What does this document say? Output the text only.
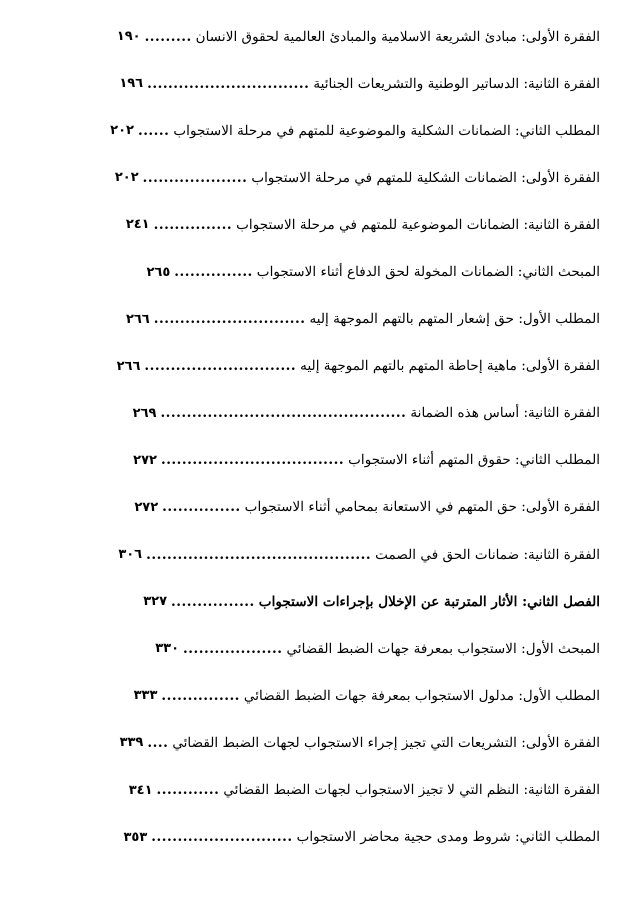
الفقرة الأولى: مبادئ الشريعة الاسلامية والمبادئ العالمية لحقوق الانسان
.........
١٩٠
الفقرة الثانية: الدساتير الوطنية والتشريعات الجنائية
...............................
١٩٦
المطلب الثاني: الضمانات الشكلية والموضوعية للمتهم في مرحلة الاستجواب
......
٢٠٢
الفقرة الأولى: الضمانات الشكلية للمتهم في مرحلة الاستجواب
....................
٢٠٢
الفقرة الثانية: الضمانات الموضوعية للمتهم في مرحلة الاستجواب
...............
٢٤١
المبحث الثاني: الضمانات المخولة لحق الدفاع أثناء الاستجواب
...............
٢٦٥
المطلب الأول: حق إشعار المتهم بالتهم الموجهة إليه
.............................
٢٦٦
الفقرة الأولى: ماهية إحاطة المتهم بالتهم الموجهة إليه
.............................
٢٦٦
الفقرة الثانية: أساس هذه الضمانة
...............................................
٢٦٩
المطلب الثاني: حقوق المتهم أثناء الاستجواب
...................................
٢٧٢
الفقرة الأولى: حق المتهم في الاستعانة بمحامي أثناء الاستجواب
...............
٢٧٢
الفقرة الثانية: ضمانات الحق في الصمت
...........................................
٣٠٦
الفصل الثاني: الأثار المترتبة عن الإخلال بإجراءات الاستجواب
................
٣٢٧
المبحث الأول: الاستجواب بمعرفة جهات الضبط القضائي
...................
٣٣٠
المطلب الأول: مدلول الاستجواب بمعرفة جهات الضبط القضائي
...............
٣٣٣
الفقرة الأولى: التشريعات التي تجيز إجراء الاستجواب لجهات الضبط القضائي
....
٣٣٩
الفقرة الثانية: النظم التي لا تجيز الاستجواب لجهات الضبط القضائي
............
٣٤١
المطلب الثاني: شروط ومدى حجية محاضر الاستجواب
...........................
٣٥٣
